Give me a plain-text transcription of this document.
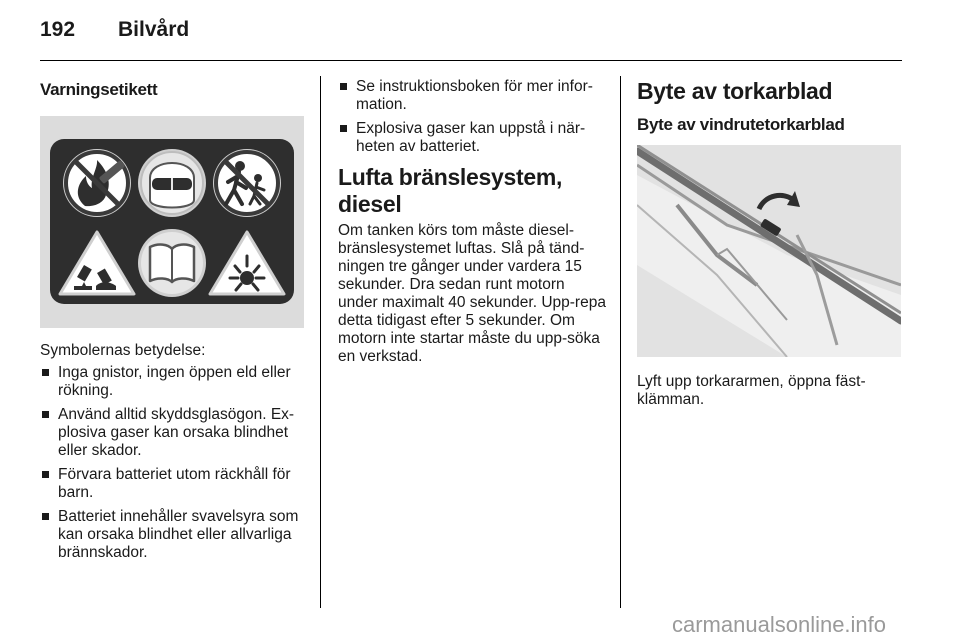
192 Bilvård
Varningsetikett

Symbolernas betydelse:

Inga gnistor, ingen öppen eld eller rökning.
Använd alltid skyddsglasögon. Ex-plosiva gaser kan orsaka blindhet eller skador.
Förvara batteriet utom räckhåll för barn.
Batteriet innehåller svavelsyra som kan orsaka blindhet eller allvarliga brännskador.
Se instruktionsboken för mer infor-mation.
Explosiva gaser kan uppstå i när-heten av batteriet.
Lufta bränslesystem, diesel

Om tanken körs tom måste diesel-bränslesystemet luftas. Slå på tänd-ningen tre gånger under vardera 15 sekunder. Dra sedan runt motorn under maximalt 40 sekunder. Upp-repa detta tidigast efter 5 sekunder. Om motorn inte startar måste du upp-söka en verkstad.

Byte av torkarblad
Byte av vindrutetorkarblad

Lyft upp torkararmen, öppna fäst-klämman.

carmanualsonline.info
